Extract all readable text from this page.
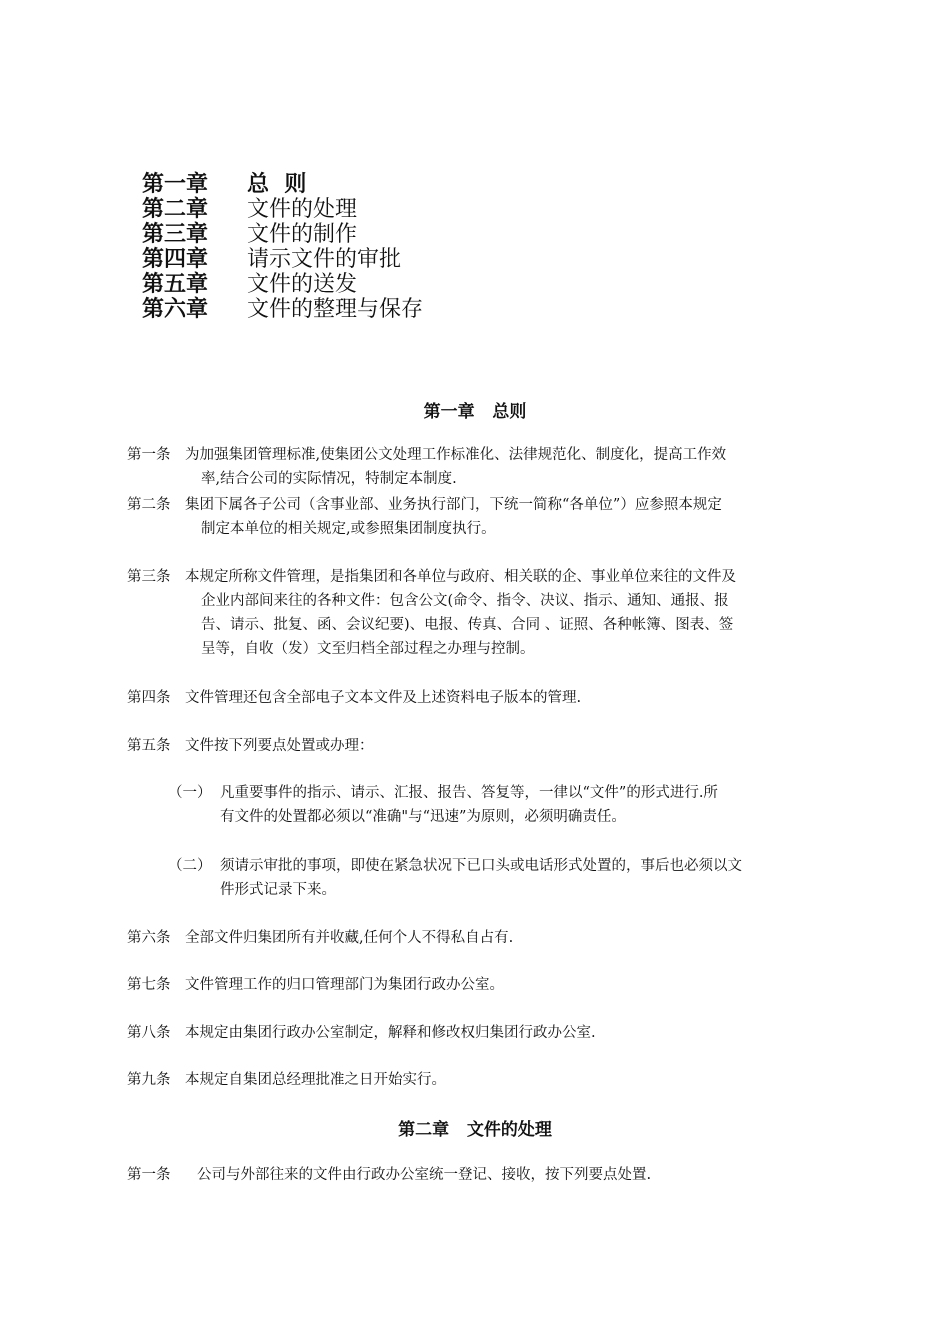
第一章 总  则
第二章 文件的处理
第三章 文件的制作
第四章 请示文件的审批
第五章 文件的送发
第六章 文件的整理与保存
第一章   总则
第一条 为加强集团管理标准,使集团公文处理工作标准化、法律规范化、制度化，提高工作效
率,结合公司的实际情况，特制定本制度.
第二条 集团下属各子公司（含事业部、业务执行部门，下统一简称“各单位”）应参照本规定
制定本单位的相关规定,或参照集团制度执行。
第三条 本规定所称文件管理，是指集团和各单位与政府、相关联的企、事业单位来往的文件及
企业内部间来往的各种文件：包含公文(命令、指令、决议、指示、通知、通报、报
告、请示、批复、函、会议纪要)、电报、传真、合同 、证照、各种帐簿、图表、签
呈等，自收（发）文至归档全部过程之办理与控制。
第四条 文件管理还包含全部电子文本文件及上述资料电子版本的管理.
第五条 文件按下列要点处置或办理：
（一） 凡重要事件的指示、请示、汇报、报告、答复等，一律以“文件”的形式进行.所
有文件的处置都必须以“准确"与“迅速”为原则，必须明确责任。
（二） 须请示审批的事项，即使在紧急状况下已口头或电话形式处置的，事后也必须以文
件形式记录下来。
第六条 全部文件归集团所有并收藏,任何个人不得私自占有.
第七条 文件管理工作的归口管理部门为集团行政办公室。
第八条 本规定由集团行政办公室制定，解释和修改权归集团行政办公室.
第九条 本规定自集团总经理批准之日开始实行。
第二章   文件的处理
第一条 公司与外部往来的文件由行政办公室统一登记、接收，按下列要点处置.
